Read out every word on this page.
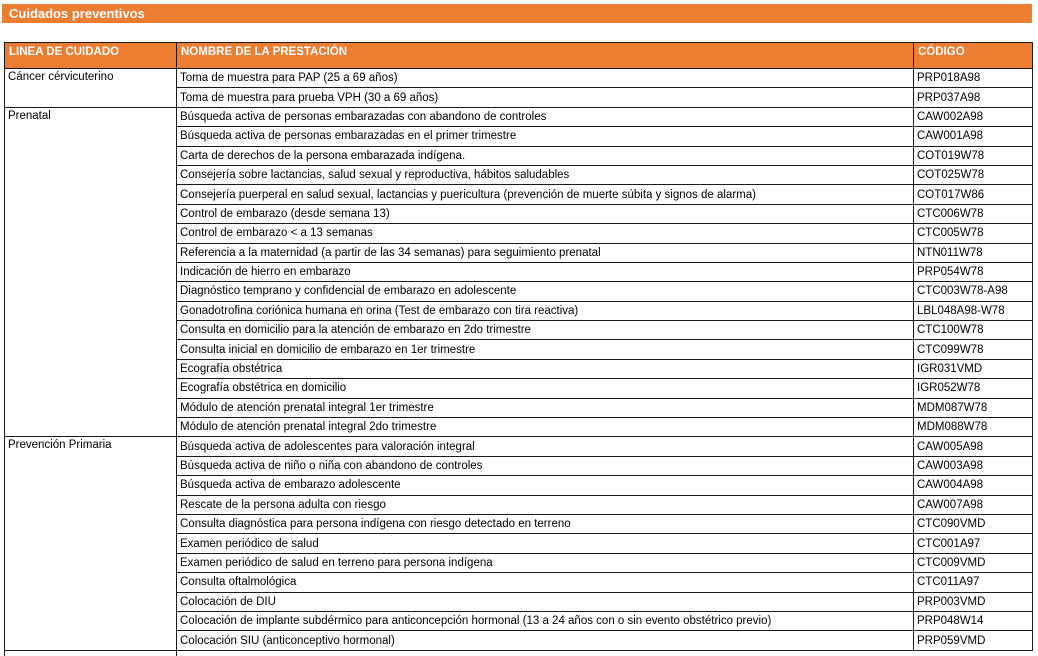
Cuidados preventivos
LINEA DE CUIDADO	NOMBRE DE LA PRESTACIÓN	CÓDIGO
Cáncer cérvicuterino	Toma de muestra para PAP (25 a 69 años)	PRP018A98
	Toma de muestra para prueba VPH (30 a 69 años)	PRP037A98
Prenatal	Búsqueda activa de personas embarazadas con abandono de controles	CAW002A98
	Búsqueda activa de personas embarazadas en el primer trimestre	CAW001A98
	Carta de derechos de la persona embarazada indígena.	COT019W78
	Consejería sobre lactancias, salud sexual y reproductiva, hábitos saludables	COT025W78
	Consejería puerperal en salud sexual, lactancias y puericultura (prevención de muerte súbita y signos de alarma)	COT017W86
	Control de embarazo (desde semana 13)	CTC006W78
	Control de embarazo < a 13 semanas	CTC005W78
	Referencia a la maternidad (a partir de las 34 semanas) para seguimiento prenatal	NTN011W78
	Indicación de hierro en embarazo	PRP054W78
	Diagnóstico temprano y confidencial de embarazo en adolescente	CTC003W78-A98
	Gonadotrofina coriónica humana en orina (Test de embarazo con tira reactiva)	LBL048A98-W78
	Consulta en domicilio para la atención de embarazo en 2do trimestre	CTC100W78
	Consulta inicial en domicilio de embarazo en 1er trimestre	CTC099W78
	Ecografía obstétrica	IGR031VMD
	Ecografía obstétrica en domicilio	IGR052W78
	Módulo de atención prenatal integral 1er trimestre	MDM087W78
	Módulo de atención prenatal integral 2do trimestre	MDM088W78
Prevención Primaria	Búsqueda activa de adolescentes para valoración integral	CAW005A98
	Búsqueda activa de niño o niña con abandono de controles	CAW003A98
	Búsqueda activa de embarazo adolescente	CAW004A98
	Rescate de la persona adulta con riesgo	CAW007A98
	Consulta diagnóstica para persona indígena con riesgo detectado en terreno	CTC090VMD
	Examen periódico de salud	CTC001A97
	Examen periódico de salud en terreno para persona indígena	CTC009VMD
	Consulta oftalmológica	CTC011A97
	Colocación de DIU	PRP003VMD
	Colocación de implante subdérmico para anticoncepción hormonal (13 a 24 años con o sin evento obstétrico previo)	PRP048W14
	Colocación SIU (anticonceptivo hormonal)	PRP059VMD
